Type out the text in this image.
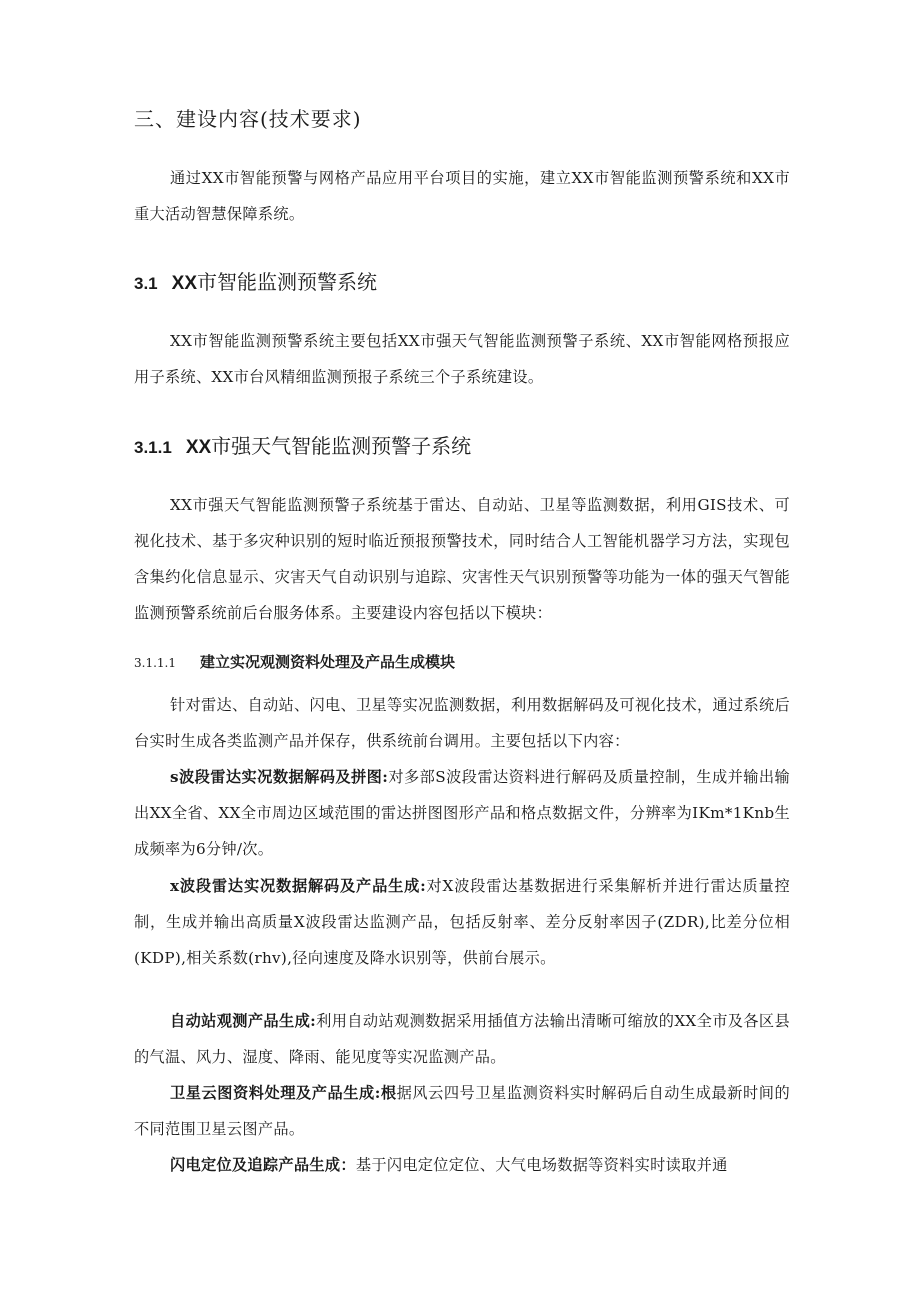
三、建设内容(技术要求)

通过XX市智能预警与网格产品应用平台项目的实施，建立XX市智能监测预警系统和XX市重大活动智慧保障系统。

3.1 XX市智能监测预警系统

XX市智能监测预警系统主要包括XX市强天气智能监测预警子系统、XX市智能网格预报应用子系统、XX市台风精细监测预报子系统三个子系统建设。

3.1.1 XX市强天气智能监测预警子系统

XX市强天气智能监测预警子系统基于雷达、自动站、卫星等监测数据，利用GIS技术、可视化技术、基于多灾种识别的短时临近预报预警技术，同时结合人工智能机器学习方法，实现包含集约化信息显示、灾害天气自动识别与追踪、灾害性天气识别预警等功能为一体的强天气智能监测预警系统前后台服务体系。主要建设内容包括以下模块：

3.1.1.1 建立实况观测资料处理及产品生成模块

针对雷达、自动站、闪电、卫星等实况监测数据，利用数据解码及可视化技术，通过系统后台实时生成各类监测产品并保存，供系统前台调用。主要包括以下内容：

s波段雷达实况数据解码及拼图:对多部S波段雷达资料进行解码及质量控制，生成并输出输出XX全省、XX全市周边区域范围的雷达拼图图形产品和格点数据文件，分辨率为IKm*1Knb生成频率为6分钟/次。

x波段雷达实况数据解码及产品生成:对X波段雷达基数据进行采集解析并进行雷达质量控制，生成并输出高质量X波段雷达监测产品，包括反射率、差分反射率因子(ZDR),比差分位相(KDP),相关系数(rhv),径向速度及降水识别等，供前台展示。

自动站观测产品生成:利用自动站观测数据采用插值方法输出清晰可缩放的XX全市及各区县的气温、风力、湿度、降雨、能见度等实况监测产品。

卫星云图资料处理及产品生成:根据风云四号卫星监测资料实时解码后自动生成最新时间的不同范围卫星云图产品。

闪电定位及追踪产品生成：基于闪电定位定位、大气电场数据等资料实时读取并通
